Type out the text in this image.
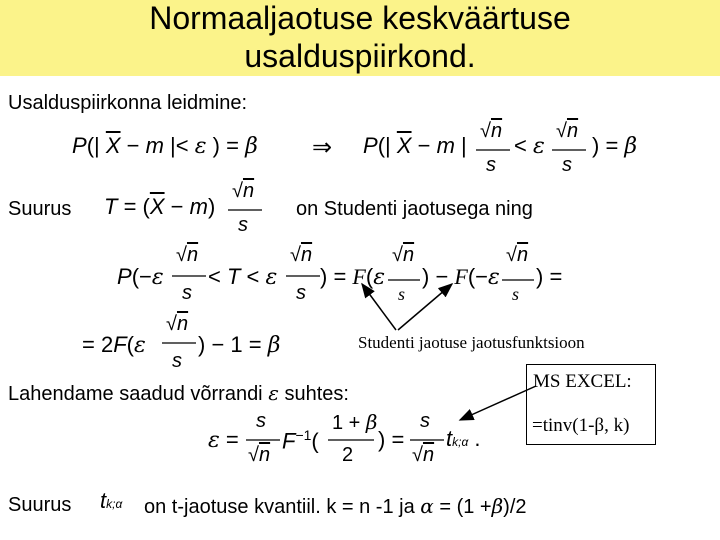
Normaaljaotuse keskväärtuse
usalduspiirkond.
Usalduspiirkonna leidmine:
P(| $\overline{X} - m$ |< ε ) = β ⇒ P(| $\overline{X} - m$ |
√n
s
< ε
√n
s
) = β
Suurus $T = (\overline{X} - m)$
√n
s
on Studenti jaotusega ning
P(−ε
√n
s
< T < ε
√n
s
) = F(ε
√n
s
) − F(−ε
√n
s
) =
= 2F(ε
√n
s
) − 1 = β	Studenti jaotuse jaotusfunktsioon
Lahendame saadud võrrandi ε suhtes:
ε =
s
√n
$F^{-1}$(
1 + β
2
) =
s
√n
tk;α .
MS EXCEL:
=tinv(1-β, k)
Suurus tk;α on t-jaotuse kvantiil. k = n -1 ja α = (1 +β)/2
